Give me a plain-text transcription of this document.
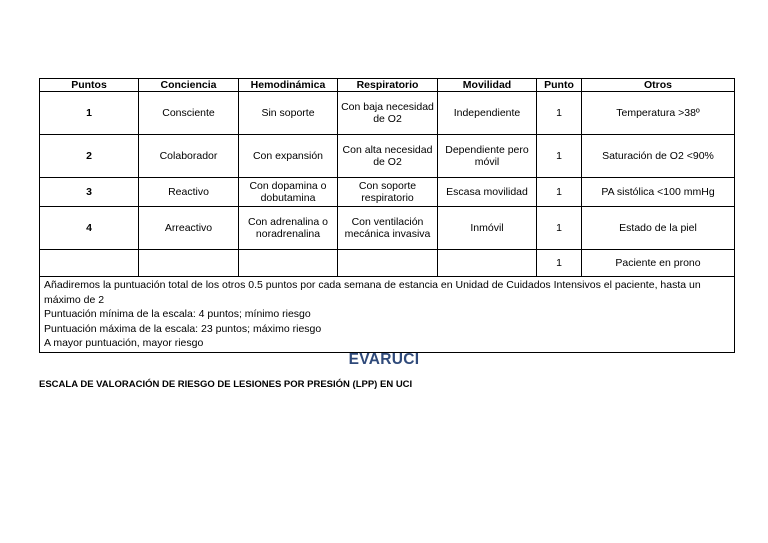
Puntos	Conciencia	Hemodinámica	Respiratorio	Movilidad	Punto	Otros
1	Consciente	Sin soporte	Con baja necesidad de O2	Independiente	1	Temperatura >38º
2	Colaborador	Con expansión	Con alta necesidad de O2	Dependiente pero móvil	1	Saturación de O2 <90%
3	Reactivo	Con dopamina o dobutamina	Con soporte respiratorio	Escasa movilidad	1	PA sistólica <100 mmHg
4	Arreactivo	Con adrenalina o noradrenalina	Con ventilación mecánica invasiva	Inmóvil	1	Estado de la piel
					1	Paciente en prono

Añadiremos la puntuación total de los otros 0.5 puntos por cada semana de estancia en Unidad de Cuidados Intensivos el paciente, hasta un máximo de 2
Puntuación mínima de la escala: 4 puntos; mínimo riesgo
Puntuación máxima de la escala: 23 puntos; máximo riesgo
A mayor puntuación, mayor riesgo						
EVARUCI
ESCALA DE VALORACIÓN DE RIESGO DE LESIONES POR PRESIÓN (LPP) EN UCI
